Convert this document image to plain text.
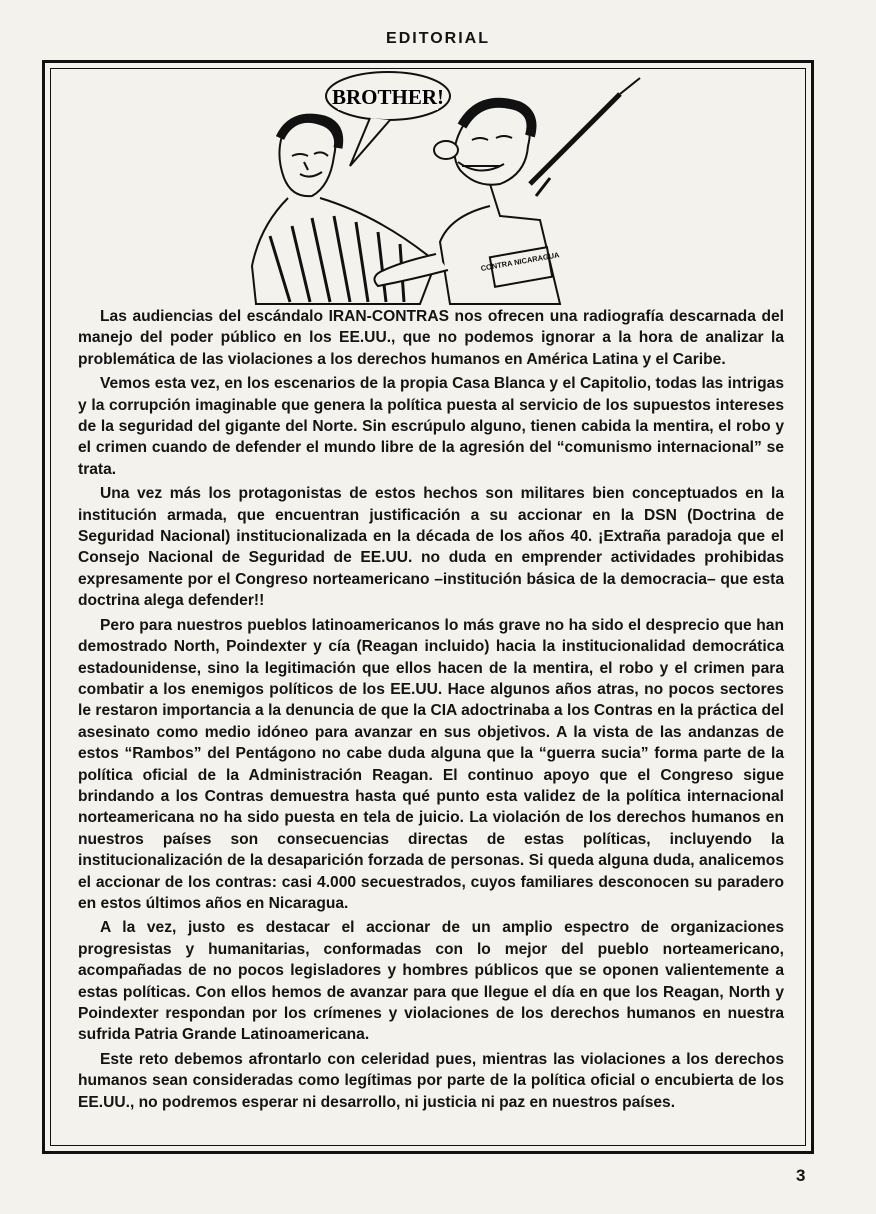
EDITORIAL
BROTHER!
CONTRA NICARAGUA

Las audiencias del escándalo IRAN-CONTRAS nos ofrecen una radiografía descarnada del manejo del poder público en los EE.UU., que no podemos ignorar a la hora de analizar la problemática de las violaciones a los derechos humanos en América Latina y el Caribe.

Vemos esta vez, en los escenarios de la propia Casa Blanca y el Capitolio, todas las intrigas y la corrupción imaginable que genera la política puesta al servicio de los supuestos intereses de la seguridad del gigante del Norte. Sin escrúpulo alguno, tienen cabida la mentira, el robo y el crimen cuando de defender el mundo libre de la agresión del “comunismo internacional” se trata.

Una vez más los protagonistas de estos hechos son militares bien conceptuados en la institución armada, que encuentran justificación a su accionar en la DSN (Doctrina de Seguridad Nacional) institucionalizada en la década de los años 40. ¡Extraña paradoja que el Consejo Nacional de Seguridad de EE.UU. no duda en emprender actividades prohibidas expresamente por el Congreso norteamericano –institución básica de la democracia– que esta doctrina alega defender!!

Pero para nuestros pueblos latinoamericanos lo más grave no ha sido el desprecio que han demostrado North, Poindexter y cía (Reagan incluido) hacia la institucionalidad democrática estadounidense, sino la legitimación que ellos hacen de la mentira, el robo y el crimen para combatir a los enemigos políticos de los EE.UU. Hace algunos años atras, no pocos sectores le restaron importancia a la denuncia de que la CIA adoctrinaba a los Contras en la práctica del asesinato como medio idóneo para avanzar en sus objetivos. A la vista de las andanzas de estos “Rambos” del Pentágono no cabe duda alguna que la “guerra sucia” forma parte de la política oficial de la Administración Reagan. El continuo apoyo que el Congreso sigue brindando a los Contras demuestra hasta qué punto esta validez de la política internacional norteamericana no ha sido puesta en tela de juicio. La violación de los derechos humanos en nuestros países son consecuencias directas de estas políticas, incluyendo la institucionalización de la desaparición forzada de personas. Si queda alguna duda, analicemos el accionar de los contras: casi 4.000 secuestrados, cuyos familiares desconocen su paradero en estos últimos años en Nicaragua.

A la vez, justo es destacar el accionar de un amplio espectro de organizaciones progresistas y humanitarias, conformadas con lo mejor del pueblo norteamericano, acompañadas de no pocos legisladores y hombres públicos que se oponen valientemente a estas políticas. Con ellos hemos de avanzar para que llegue el día en que los Reagan, North y Poindexter respondan por los crímenes y violaciones de los derechos humanos en nuestra sufrida Patria Grande Latinoamericana.

Este reto debemos afrontarlo con celeridad pues, mientras las violaciones a los derechos humanos sean consideradas como legítimas por parte de la política oficial o encubierta de los EE.UU., no podremos esperar ni desarrollo, ni justicia ni paz en nuestros países.

3
